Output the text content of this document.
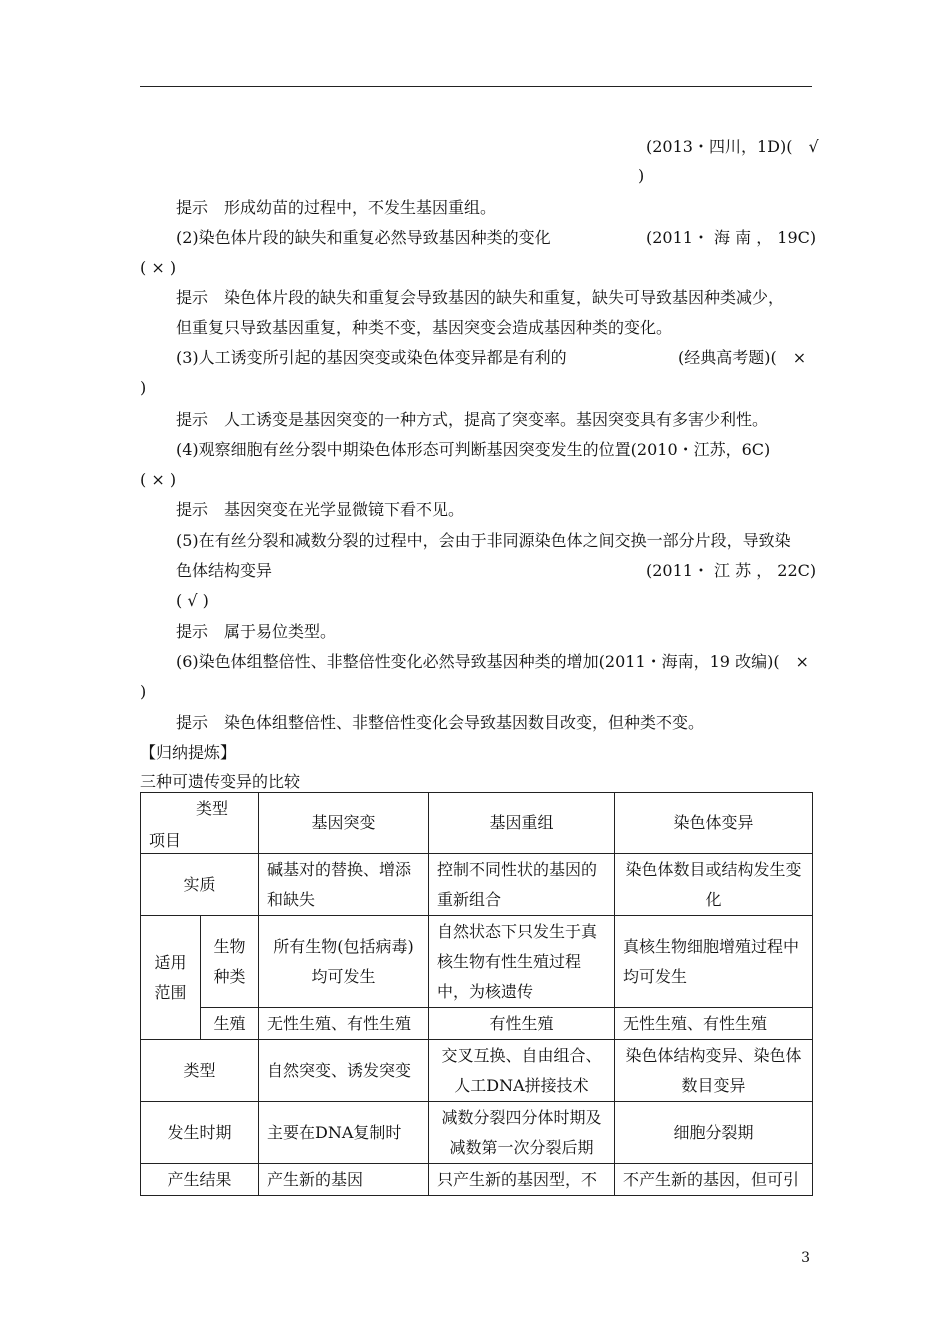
(2013・四川，1D)(　√
)
提示　形成幼苗的过程中，不发生基因重组。
(2)染色体片段的缺失和重复必然导致基因种类的变化	(2011・ 海 南 ， 19C)
( × )
提示　染色体片段的缺失和重复会导致基因的缺失和重复，缺失可导致基因种类减少，
但重复只导致基因重复，种类不变，基因突变会造成基因种类的变化。
(3)人工诱变所引起的基因突变或染色体变异都是有利的	(经典高考题)(　×
)
提示　人工诱变是基因突变的一种方式，提高了突变率。基因突变具有多害少利性。
(4)观察细胞有丝分裂中期染色体形态可判断基因突变发生的位置(2010・江苏，6C)
( × )
提示　基因突变在光学显微镜下看不见。
(5)在有丝分裂和减数分裂的过程中，会由于非同源染色体之间交换一部分片段，导致染
色体结构变异	(2011・ 江 苏 ， 22C)
( √ )
提示　属于易位类型。
(6)染色体组整倍性、非整倍性变化必然导致基因种类的增加(2011・海南，19 改编)(　×
)
提示　染色体组整倍性、非整倍性变化会导致基因数目改变，但种类不变。
【归纳提炼】
三种可遗传变异的比较
类型
项目		基因突变	基因重组	染色体变异
实质		碱基对的替换、增添和缺失	控制不同性状的基因的重新组合	染色体数目或结构发生变化
适用范围	生物种类	所有生物(包括病毒)均可发生	自然状态下只发生于真核生物有性生殖过程中，为核遗传	真核生物细胞增殖过程中均可发生
	生殖	无性生殖、有性生殖	有性生殖	无性生殖、有性生殖
类型		自然突变、诱发突变	交叉互换、自由组合、人工DNA拼接技术	染色体结构变异、染色体数目变异
发生时期		主要在DNA复制时	减数分裂四分体时期及减数第一次分裂后期	细胞分裂期
产生结果		产生新的基因	只产生新的基因型，不	不产生新的基因，但可引
3
